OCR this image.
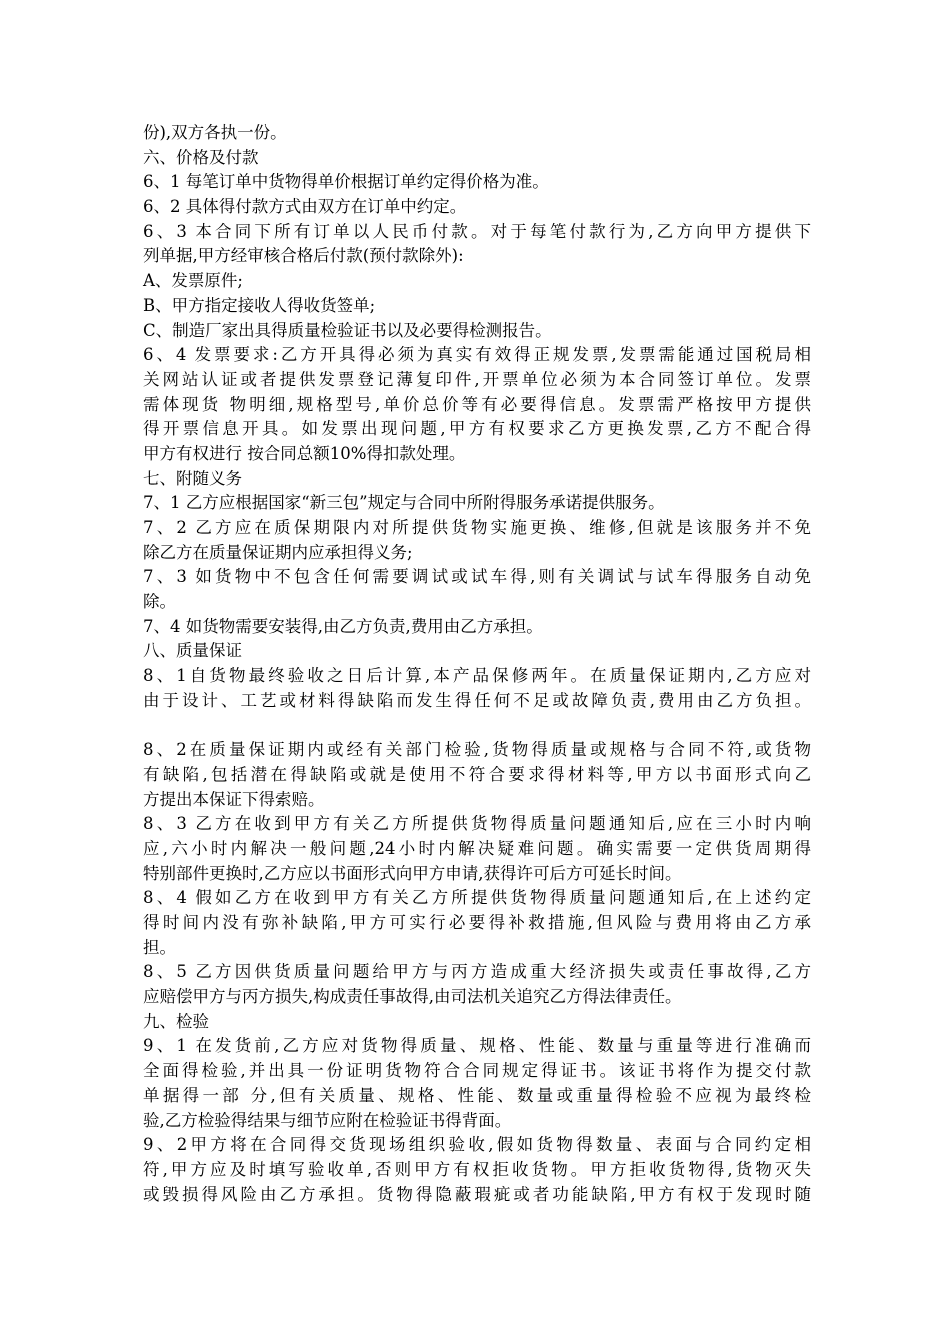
份),双方各执一份。
六、价格及付款
6、1 每笔订单中货物得单价根据订单约定得价格为准。
6、2 具体得付款方式由双方在订单中约定。
6、3 本合同下所有订单以人民币付款。对于每笔付款行为,乙方向甲方提供下
列单据,甲方经审核合格后付款(预付款除外):
A、发票原件;
B、甲方指定接收人得收货签单;
C、制造厂家出具得质量检验证书以及必要得检测报告。
6、4 发票要求:乙方开具得必须为真实有效得正规发票,发票需能通过国税局相
关网站认证或者提供发票登记薄复印件,开票单位必须为本合同签订单位。发票
需体现货 物明细,规格型号,单价总价等有必要得信息。发票需严格按甲方提供
得开票信息开具。如发票出现问题,甲方有权要求乙方更换发票,乙方不配合得
甲方有权进行 按合同总额10%得扣款处理。
七、附随义务
7、1 乙方应根据国家“新三包”规定与合同中所附得服务承诺提供服务。
7、2 乙方应在质保期限内对所提供货物实施更换、维修,但就是该服务并不免
除乙方在质量保证期内应承担得义务;
7、3 如货物中不包含任何需要调试或试车得,则有关调试与试车得服务自动免
除。
7、4 如货物需要安装得,由乙方负责,费用由乙方承担。
八、质量保证
8、1自货物最终验收之日后计算,本产品保修两年。在质量保证期内,乙方应对
由于设计、工艺或材料得缺陷而发生得任何不足或故障负责,费用由乙方负担。
8、2在质量保证期内或经有关部门检验,货物得质量或规格与合同不符,或货物
有缺陷,包括潜在得缺陷或就是使用不符合要求得材料等,甲方以书面形式向乙
方提出本保证下得索赔。
8、3 乙方在收到甲方有关乙方所提供货物得质量问题通知后,应在三小时内响
应,六小时内解决一般问题,24小时内解决疑难问题。确实需要一定供货周期得
特别部件更换时,乙方应以书面形式向甲方申请,获得许可后方可延长时间。
8、4 假如乙方在收到甲方有关乙方所提供货物得质量问题通知后,在上述约定
得时间内没有弥补缺陷,甲方可实行必要得补救措施,但风险与费用将由乙方承
担。
8、5 乙方因供货质量问题给甲方与丙方造成重大经济损失或责任事故得,乙方
应赔偿甲方与丙方损失,构成责任事故得,由司法机关追究乙方得法律责任。
九、检验
9、1 在发货前,乙方应对货物得质量、规格、性能、数量与重量等进行准确而
全面得检验,并出具一份证明货物符合合同规定得证书。该证书将作为提交付款
单据得一部 分,但有关质量、规格、性能、数量或重量得检验不应视为最终检
验,乙方检验得结果与细节应附在检验证书得背面。
9、2甲方将在合同得交货现场组织验收,假如货物得数量、表面与合同约定相
符,甲方应及时填写验收单,否则甲方有权拒收货物。甲方拒收货物得,货物灭失
或毁损得风险由乙方承担。货物得隐蔽瑕疵或者功能缺陷,甲方有权于发现时随
